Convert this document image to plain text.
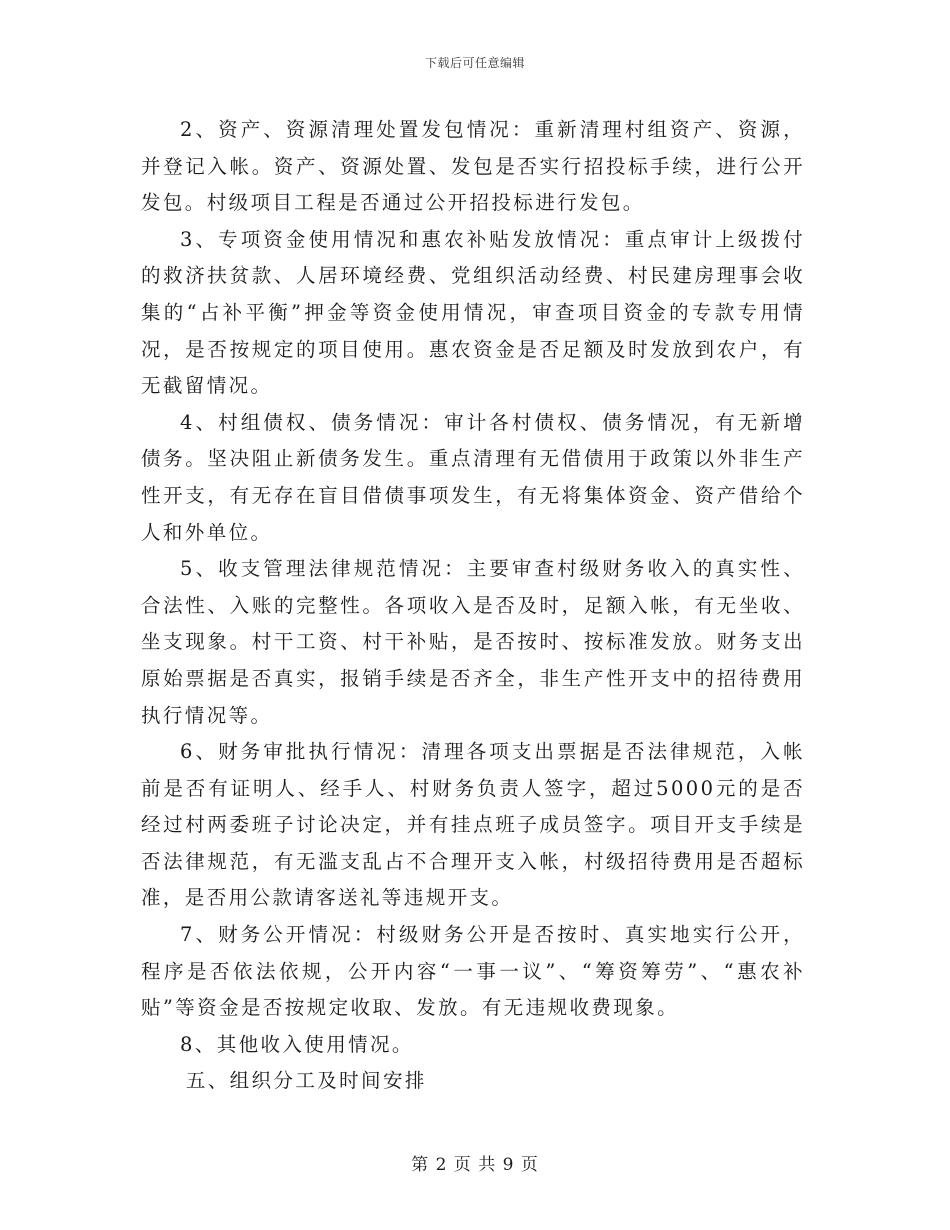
下载后可任意编辑

2、资产、资源清理处置发包情况：重新清理村组资产、资源，并登记入帐。资产、资源处置、发包是否实行招投标手续，进行公开发包。村级项目工程是否通过公开招投标进行发包。

3、专项资金使用情况和惠农补贴发放情况：重点审计上级拨付的救济扶贫款、人居环境经费、党组织活动经费、村民建房理事会收集的“占补平衡”押金等资金使用情况，审查项目资金的专款专用情况，是否按规定的项目使用。惠农资金是否足额及时发放到农户，有无截留情况。

4、村组债权、债务情况：审计各村债权、债务情况，有无新增债务。坚决阻止新债务发生。重点清理有无借债用于政策以外非生产性开支，有无存在盲目借债事项发生，有无将集体资金、资产借给个人和外单位。

5、收支管理法律规范情况：主要审查村级财务收入的真实性、合法性、入账的完整性。各项收入是否及时，足额入帐，有无坐收、坐支现象。村干工资、村干补贴，是否按时、按标准发放。财务支出原始票据是否真实，报销手续是否齐全，非生产性开支中的招待费用执行情况等。

6、财务审批执行情况：清理各项支出票据是否法律规范，入帐前是否有证明人、经手人、村财务负责人签字，超过5000元的是否经过村两委班子讨论决定，并有挂点班子成员签字。项目开支手续是否法律规范，有无滥支乱占不合理开支入帐，村级招待费用是否超标准，是否用公款请客送礼等违规开支。

7、财务公开情况：村级财务公开是否按时、真实地实行公开，程序是否依法依规，公开内容“一事一议”、“筹资筹劳”、“惠农补贴”等资金是否按规定收取、发放。有无违规收费现象。

8、其他收入使用情况。

五、组织分工及时间安排

第 2 页 共 9 页
